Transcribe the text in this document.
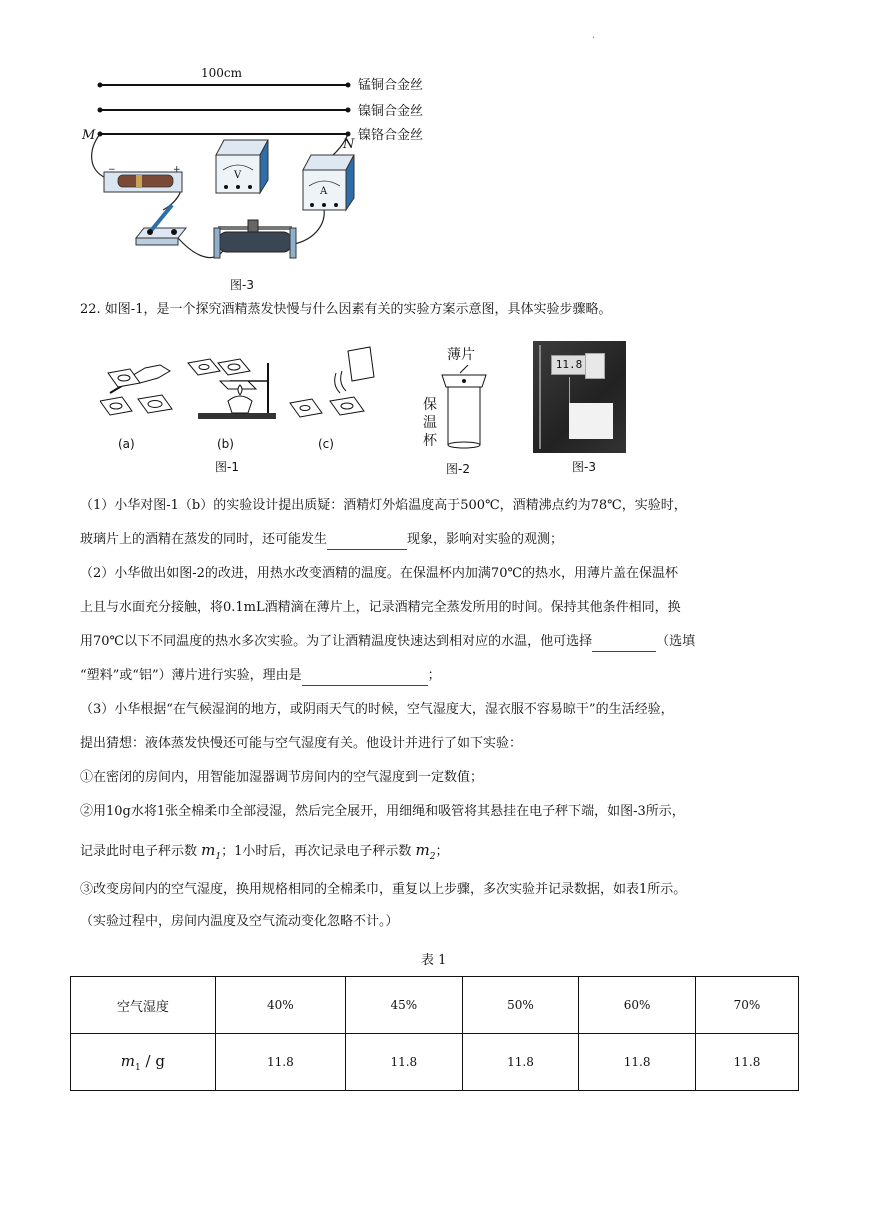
.
−	+	V
A
100cm
锰铜合金丝
镍铜合金丝
镍铬合金丝
M
N
图-3
22. 如图-1，是一个探究酒精蒸发快慢与什么因素有关的实验方案示意图，具体实验步骤略。
(a)	(b)	(c)
图-1
薄片
保
温
杯
图-2
11.8
图-3
（1）小华对图-1（b）的实验设计提出质疑：酒精灯外焰温度高于500℃，酒精沸点约为78℃，实验时，
玻璃片上的酒精在蒸发的同时，还可能发生	现象，影响对实验的观测；
（2）小华做出如图-2的改进，用热水改变酒精的温度。在保温杯内加满70℃的热水，用薄片盖在保温杯
上且与水面充分接触，将0.1mL酒精滴在薄片上，记录酒精完全蒸发所用的时间。保持其他条件相同，换
用70℃以下不同温度的热水多次实验。为了让酒精温度快速达到相对应的水温，他可选择	（选填
“塑料”或“铝”）薄片进行实验，理由是	；
（3）小华根据“在气候湿润的地方，或阴雨天气的时候，空气湿度大，湿衣服不容易晾干”的生活经验，
提出猜想：液体蒸发快慢还可能与空气湿度有关。他设计并进行了如下实验：
①在密闭的房间内，用智能加湿器调节房间内的空气湿度到一定数值；
②用10g水将1张全棉柔巾全部浸湿，然后完全展开，用细绳和吸管将其悬挂在电子秤下端，如图-3所示，
记录此时电子秤示数 $m_1$；1小时后，再次记录电子秤示数 $m_2$；
③改变房间内的空气湿度，换用规格相同的全棉柔巾，重复以上步骤，多次实验并记录数据，如表1所示。
（实验过程中，房间内温度及空气流动变化忽略不计。）
表 1
空气湿度	40%	45%	50%	60%	70%
$m_1$ / g	11.8	11.8	11.8	11.8	11.8
